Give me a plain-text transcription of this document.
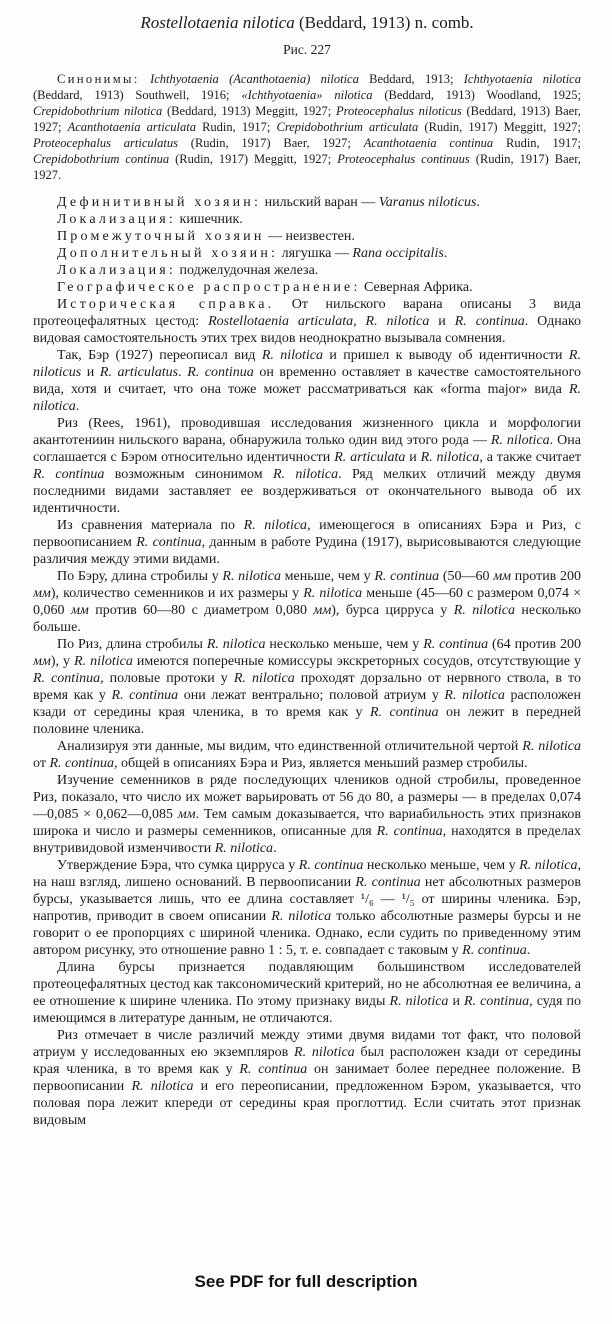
Rostellotaenia nilotica (Beddard, 1913) n. comb.
Рис. 227

Синонимы: Ichthyotaenia (Acanthotaenia) nilotica Beddard, 1913; Ichthyotaenia nilotica (Beddard, 1913) Southwell, 1916; «Ichthyotaenia» nilotica (Beddard, 1913) Woodland, 1925; Crepidobothrium nilotica (Beddard, 1913) Meggitt, 1927; Proteocephalus niloticus (Beddard, 1913) Baer, 1927; Acanthotaenia articulata Rudin, 1917; Crepidobothrium articulata (Rudin, 1917) Meggitt, 1927; Proteocephalus articulatus (Rudin, 1917) Baer, 1927; Acanthotaenia continua Rudin, 1917; Crepidobothrium continua (Rudin, 1917) Meggitt, 1927; Proteocephalus continuus (Rudin, 1917) Baer, 1927.

Дефинитивный хозяин: нильский варан — Varanus niloticus.

Локализация: кишечник.

Промежуточный хозяин — неизвестен.

Дополнительный хозяин: лягушка — Rana occipitalis.

Локализация: поджелудочная железа.

Географическое распространение: Северная Африка.

Историческая справка. От нильского варана описаны 3 вида протеоцефалятных цестод: Rostellotaenia articulata, R. nilotica и R. continua. Однако видовая самостоятельность этих трех видов неоднократно вызывала сомнения.

Так, Бэр (1927) переописал вид R. nilotica и пришел к выводу об идентичности R. niloticus и R. articulatus. R. continua он временно оставляет в качестве самостоятельного вида, хотя и считает, что она тоже может рассматриваться как «forma major» вида R. nilotica.

Риз (Rees, 1961), проводившая исследования жизненного цикла и морфологии акантотениин нильского варана, обнаружила только один вид этого рода — R. nilotica. Она соглашается с Бэром относительно идентичности R. articulata и R. nilotica, а также считает R. continua возможным синонимом R. nilotica. Ряд мелких отличий между двумя последними видами заставляет ее воздерживаться от окончательного вывода об их идентичности.

Из сравнения материала по R. nilotica, имеющегося в описаниях Бэра и Риз, с первоописанием R. continua, данным в работе Рудина (1917), вырисовываются следующие различия между этими видами.

По Бэру, длина стробилы у R. nilotica меньше, чем у R. continua (50—60 мм против 200 мм), количество семенников и их размеры у R. nilotica меньше (45—60 с размером 0,074 × 0,060 мм против 60—80 с диаметром 0,080 мм), бурса цирруса у R. nilotica несколько больше.

По Риз, длина стробилы R. nilotica несколько меньше, чем у R. continua (64 против 200 мм), у R. nilotica имеются поперечные комиссуры экскреторных сосудов, отсутствующие у R. continua, половые протоки у R. nilotica проходят дорзально от нервного ствола, в то время как у R. continua они лежат вентрально; половой атриум у R. nilotica расположен кзади от середины края членика, в то время как у R. continua он лежит в передней половине членика.

Анализируя эти данные, мы видим, что единственной отличительной чертой R. nilotica от R. continua, общей в описаниях Бэра и Риз, является меньший размер стробилы.

Изучение семенников в ряде последующих члеников одной стробилы, проведенное Риз, показало, что число их может варьировать от 56 до 80, а размеры — в пределах 0,074—0,085 × 0,062—0,085 мм. Тем самым доказывается, что вариабильность этих признаков широка и число и размеры семенников, описанные для R. continua, находятся в пределах внутривидовой изменчивости R. nilotica.

Утверждение Бэра, что сумка цирруса у R. continua несколько меньше, чем у R. nilotica, на наш взгляд, лишено оснований. В первоописании R. continua нет абсолютных размеров бурсы, указывается лишь, что ее длина составляет ¹/₆ — ¹/₅ от ширины членика. Бэр, напротив, приводит в своем описании R. nilotica только абсолютные размеры бурсы и не говорит о ее пропорциях с шириной членика. Однако, если судить по приведенному этим автором рисунку, это отношение равно 1 : 5, т. е. совпадает с таковым у R. continua.

Длина бурсы признается подавляющим большинством исследователей протеоцефалятных цестод как таксономический критерий, но не абсолютная ее величина, а ее отношение к ширине членика. По этому признаку виды R. nilotica и R. continua, судя по имеющимся в литературе данным, не отличаются.

Риз отмечает в числе различий между этими двумя видами тот факт, что половой атриум у исследованных ею экземпляров R. nilotica был расположен кзади от середины края членика, в то время как у R. continua он занимает более переднее положение. В первоописании R. nilotica и его переописании, предложенном Бэром, указывается, что половая пора лежит кпереди от середины края проглоттид. Если считать этот признак видовым

See PDF for full description
